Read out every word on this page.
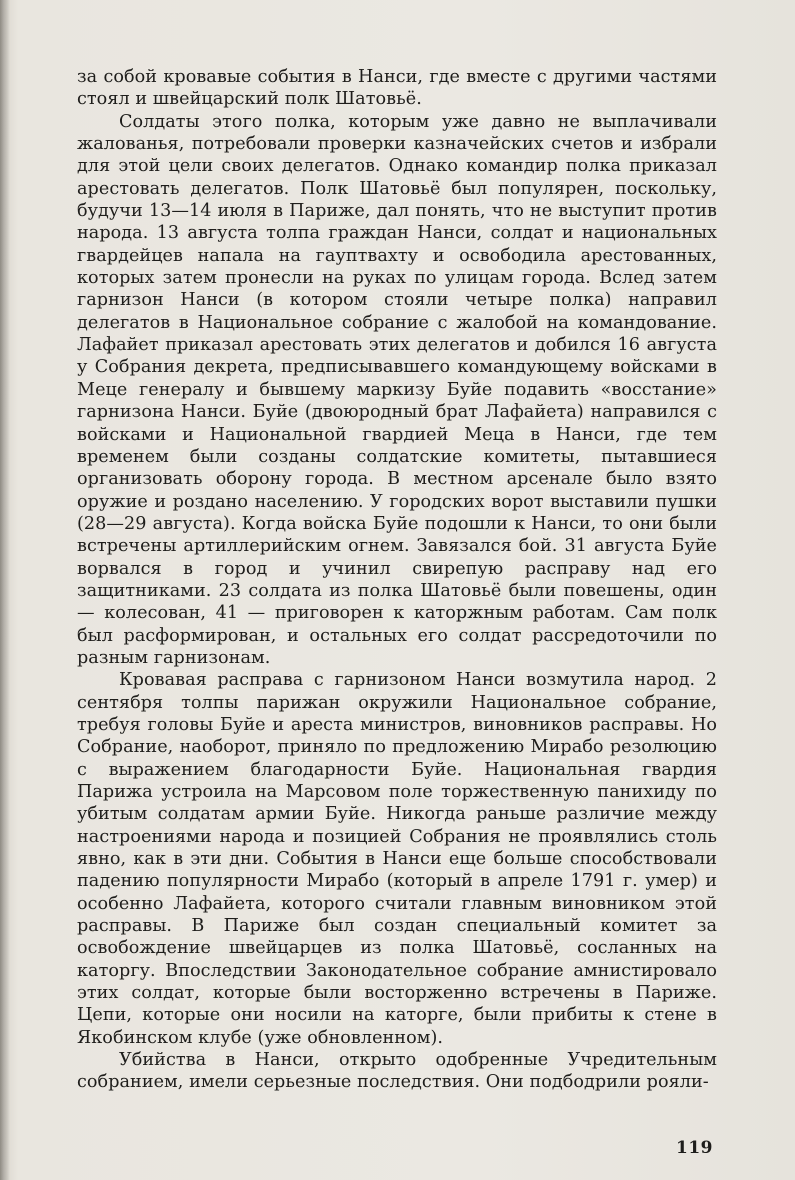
за собой кровавые события в Нанси, где вместе с другими частями стоял и швейцарский полк Шатовьё.

Солдаты этого полка, которым уже давно не выплачивали жалованья, потребовали проверки казначейских счетов и избрали для этой цели своих делегатов. Однако командир полка приказал арестовать делегатов. Полк Шатовьё был популярен, поскольку, будучи 13—14 июля в Париже, дал понять, что не выступит против народа. 13 августа толпа граждан Нанси, солдат и национальных гвардейцев напала на гауптвахту и освободила арестованных, которых затем пронесли на руках по улицам города. Вслед затем гарнизон Нанси (в котором стояли четыре полка) направил делегатов в Национальное собрание с жалобой на командование. Лафайет приказал арестовать этих делегатов и добился 16 августа у Собрания декрета, предписывавшего командующему войсками в Меце генералу и бывшему маркизу Буйе подавить «восстание» гарнизона Нанси. Буйе (двоюродный брат Лафайета) направился с войсками и Национальной гвардией Меца в Нанси, где тем временем были созданы солдатские комитеты, пытавшиеся организовать оборону города. В местном арсенале было взято оружие и роздано населению. У городских ворот выставили пушки (28—29 августа). Когда войска Буйе подошли к Нанси, то они были встречены артиллерийским огнем. Завязался бой. 31 августа Буйе ворвался в город и учинил свирепую расправу над его защитниками. 23 солдата из полка Шатовьё были повешены, один — колесован, 41 — приговорен к каторжным работам. Сам полк был расформирован, и остальных его солдат рассредоточили по разным гарнизонам.

Кровавая расправа с гарнизоном Нанси возмутила народ. 2 сентября толпы парижан окружили Национальное собрание, требуя головы Буйе и ареста министров, виновников расправы. Но Собрание, наоборот, приняло по предложению Мирабо резолюцию с выражением благодарности Буйе. Национальная гвардия Парижа устроила на Марсовом поле торжественную панихиду по убитым солдатам армии Буйе. Никогда раньше различие между настроениями народа и позицией Собрания не проявлялись столь явно, как в эти дни. События в Нанси еще больше способствовали падению популярности Мирабо (который в апреле 1791 г. умер) и особенно Лафайета, которого считали главным виновником этой расправы. В Париже был создан специальный комитет за освобождение швейцарцев из полка Шатовьё, сосланных на каторгу. Впоследствии Законодательное собрание амнистировало этих солдат, которые были восторженно встречены в Париже. Цепи, которые они носили на каторге, были прибиты к стене в Якобинском клубе (уже обновленном).

Убийства в Нанси, открыто одобренные Учредительным собранием, имели серьезные последствия. Они подбодрили рояли-

119
